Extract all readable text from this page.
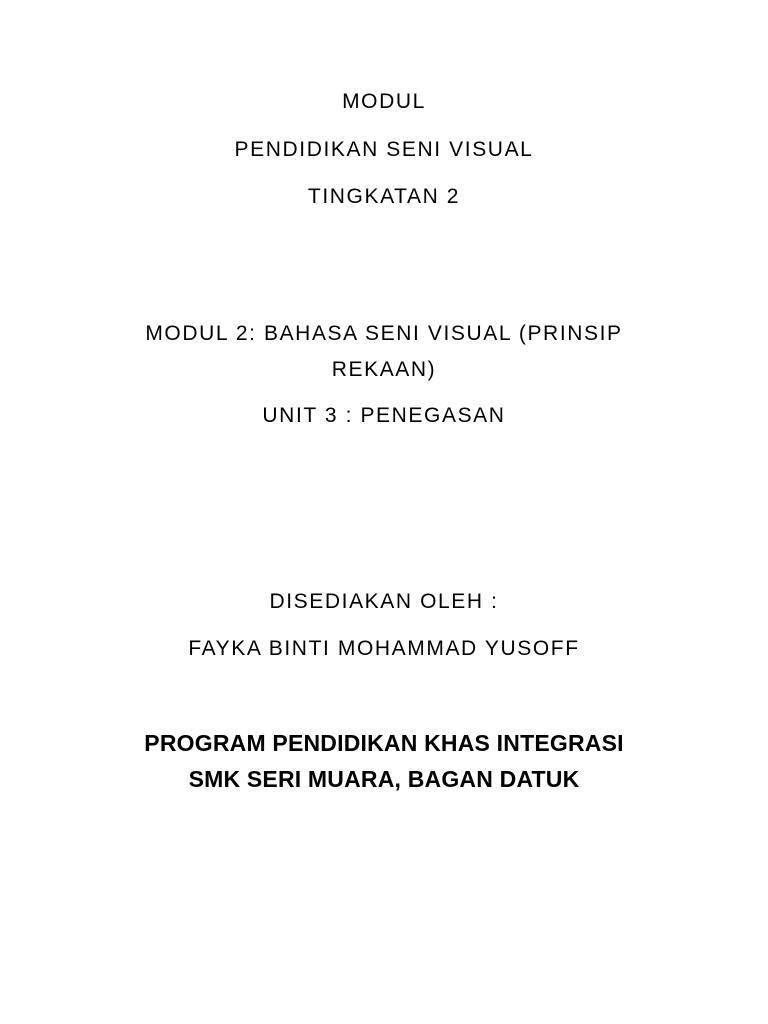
MODUL
PENDIDIKAN SENI VISUAL
TINGKATAN 2
MODUL 2: BAHASA SENI VISUAL (PRINSIP
REKAAN)
UNIT 3 : PENEGASAN
DISEDIAKAN OLEH :
FAYKA BINTI MOHAMMAD YUSOFF
PROGRAM PENDIDIKAN KHAS INTEGRASI
SMK SERI MUARA, BAGAN DATUK
